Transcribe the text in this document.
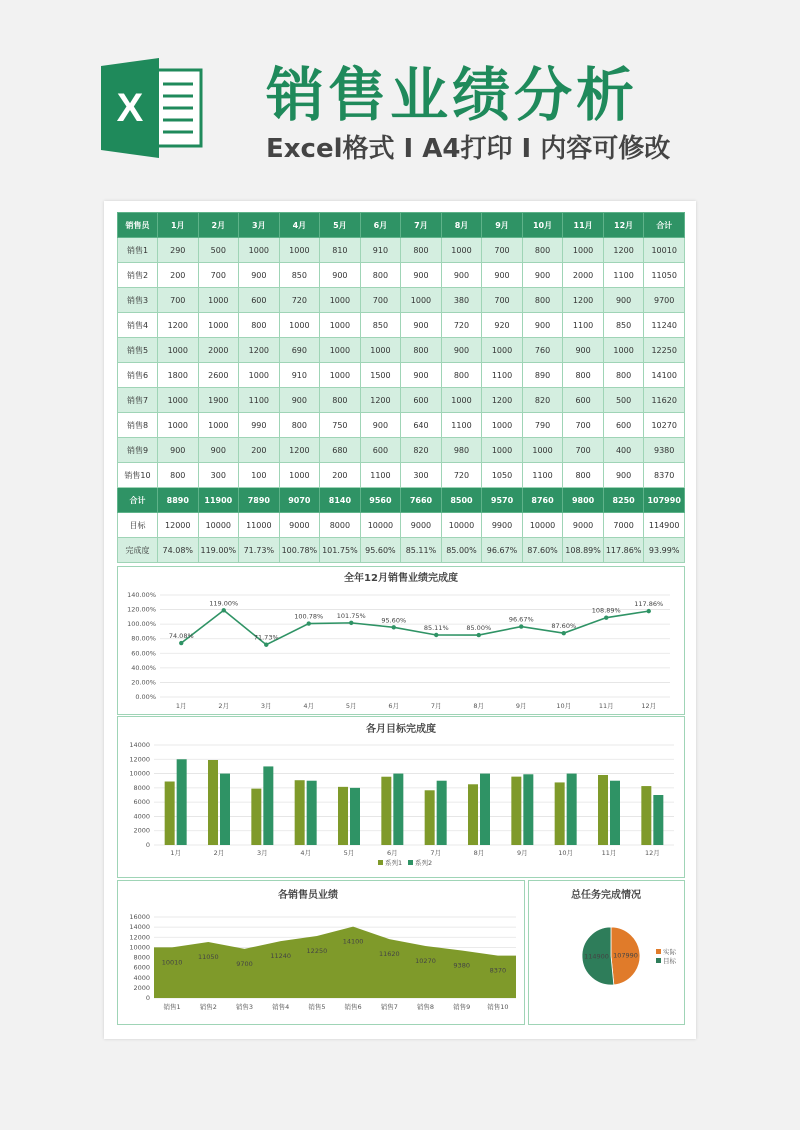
X 销售业绩分析
Excel格式 I A4打印 I 内容可修改
销售员	1月	2月	3月	4月	5月	6月	7月	8月	9月	10月	11月	12月	合计
销售1	290	500	1000	1000	810	910	800	1000	700	800	1000	1200	10010
销售2	200	700	900	850	900	800	900	900	900	900	2000	1100	11050
销售3	700	1000	600	720	1000	700	1000	380	700	800	1200	900	9700
销售4	1200	1000	800	1000	1000	850	900	720	920	900	1100	850	11240
销售5	1000	2000	1200	690	1000	1000	800	900	1000	760	900	1000	12250
销售6	1800	2600	1000	910	1000	1500	900	800	1100	890	800	800	14100
销售7	1000	1900	1100	900	800	1200	600	1000	1200	820	600	500	11620
销售8	1000	1000	990	800	750	900	640	1100	1000	790	700	600	10270
销售9	900	900	200	1200	680	600	820	980	1000	1000	700	400	9380
销售10	800	300	100	1000	200	1100	300	720	1050	1100	800	900	8370
合计	8890	11900	7890	9070	8140	9560	7660	8500	9570	8760	9800	8250	107990
目标	12000	10000	11000	9000	8000	10000	9000	10000	9900	10000	9000	7000	114900
完成度	74.08%	119.00%	71.73%	100.78%	101.75%	95.60%	85.11%	85.00%	96.67%	87.60%	108.89%	117.86%	93.99%
全年12月销售业绩完成度
0.00%
20.00%
40.00%
60.00%
80.00%
100.00%
120.00%
140.00%
74.08%
1月
119.00%
2月
71.73%
3月
100.78%
4月
101.75%
5月
95.60%
6月
85.11%
7月
85.00%
8月
96.67%
9月
87.60%
10月
108.89%
11月
117.86%
12月
各月目标完成度
0
2000
4000
6000
8000
10000
12000
14000
1月	2月	3月	4月	5月	6月	7月	8月	9月	10月	11月	12月
系列1 系列2
各销售员业绩
0
2000
4000
6000
8000
10000
12000
14000
16000
10010
销售1
11050
销售2
9700
销售3
11240
销售4
12250
销售5
14100
销售6
11620
销售7
10270
销售8
9380
销售9
8370
销售10
总任务完成情况
107990	实际
114900
目标
